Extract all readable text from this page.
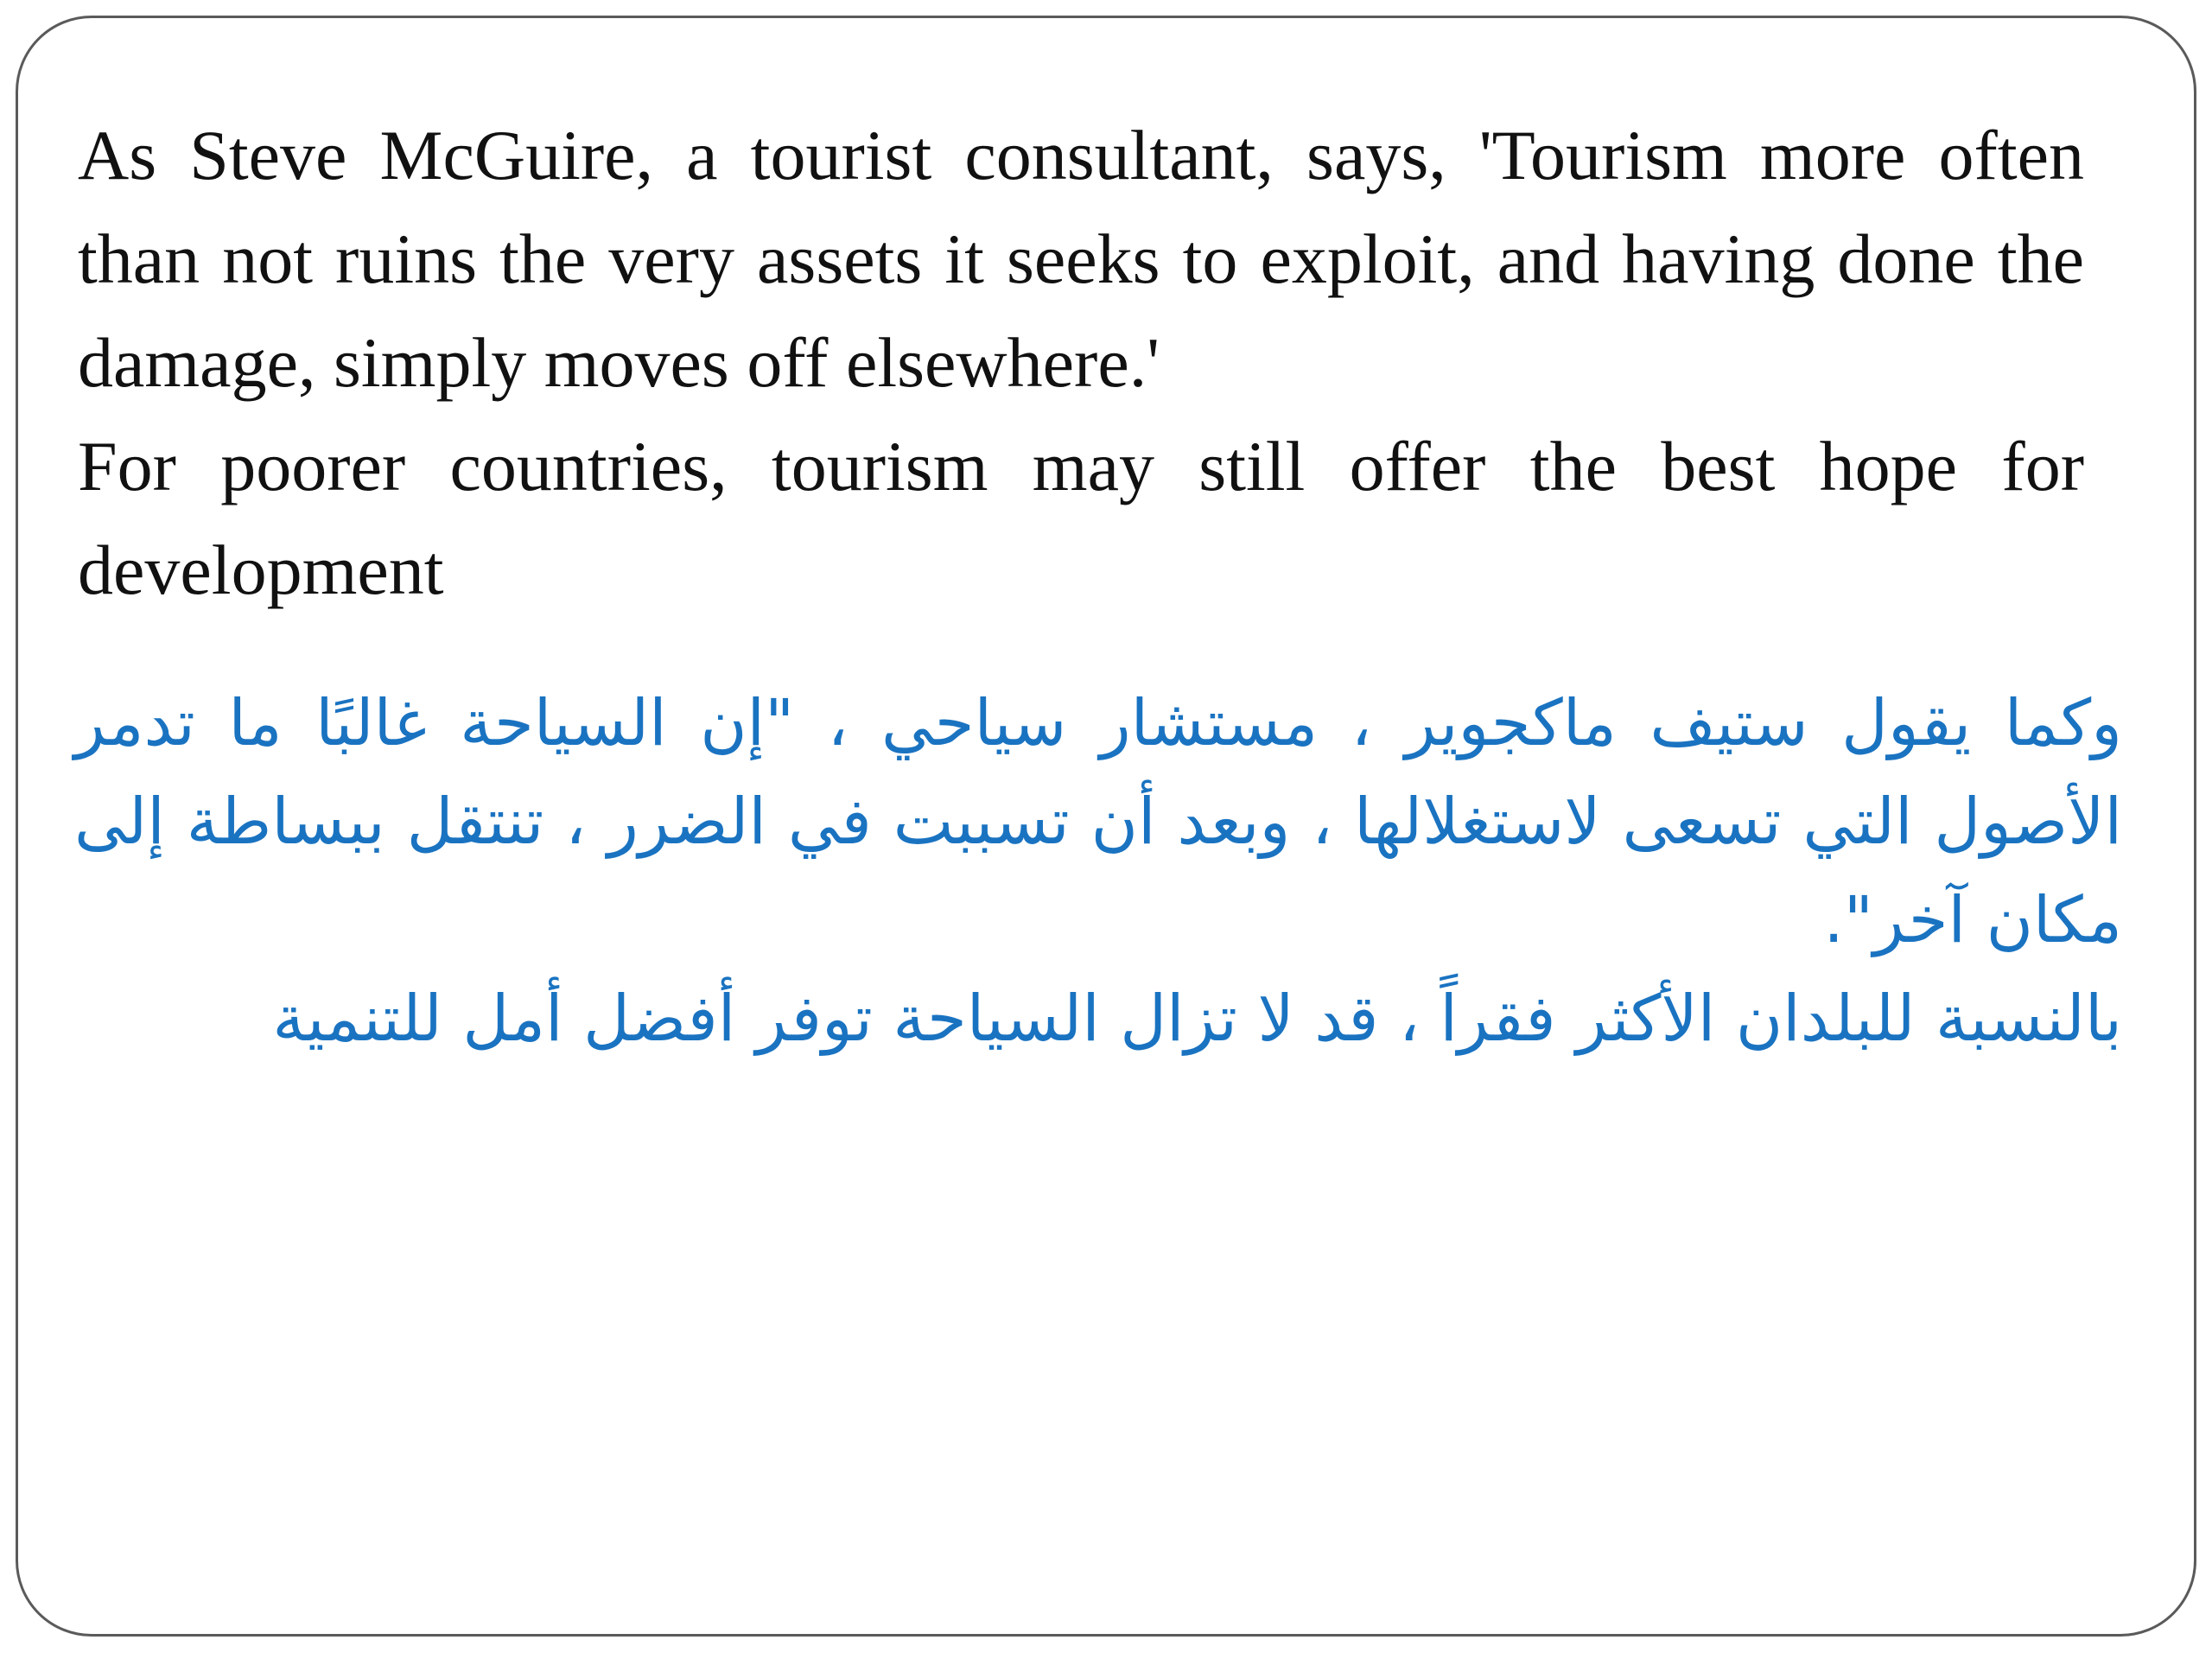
As Steve McGuire, a tourist consultant, says, 'Tourism more often than not ruins the very assets it seeks to exploit, and having done the damage, simply moves off elsewhere.'

For poorer countries, tourism may still offer the best hope for development

وكما يقول ستيف ماكجوير ، مستشار سياحي ، "إن السياحة غالبًا ما تدمر الأصول التي تسعى لاستغلالها ، وبعد أن تسببت في الضرر ، تنتقل ببساطة إلى مكان آخر".

بالنسبة للبلدان الأكثر فقراً ، قد لا تزال السياحة توفر أفضل أمل للتنمية
